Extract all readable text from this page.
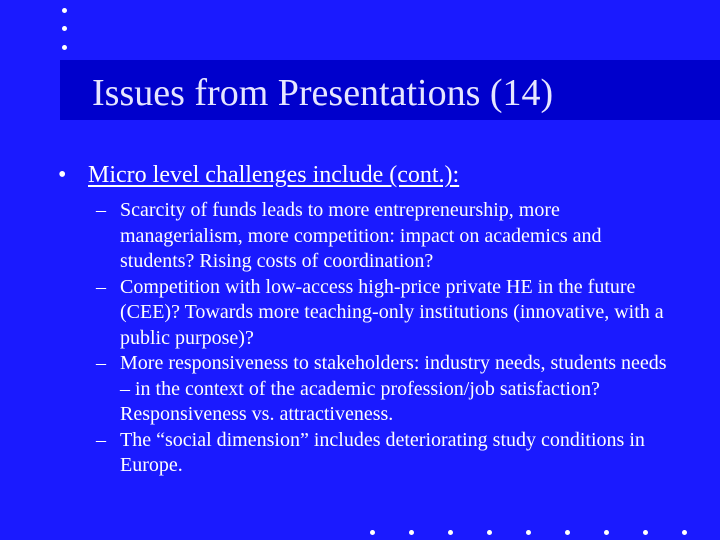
Issues from Presentations (14)
• Micro level challenges include (cont.):
– Scarcity of funds leads to more entrepreneurship, more managerialism, more competition: impact on academics and students? Rising costs of coordination?
– Competition with low-access high-price private HE in the future (CEE)? Towards more teaching-only institutions (innovative, with a public purpose)?
– More responsiveness to stakeholders: industry needs, students needs – in the context of the academic profession/job satisfaction? Responsiveness vs. attractiveness.
– The “social dimension” includes deteriorating study conditions in Europe.
